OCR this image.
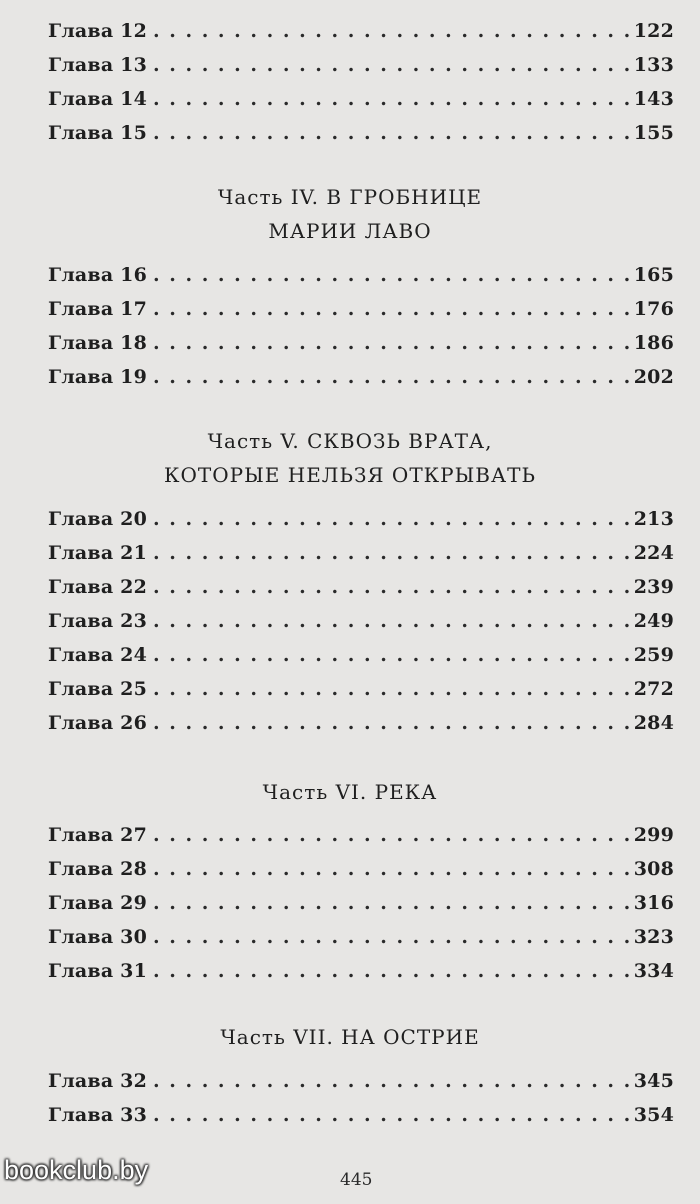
Глава 12 . . .	122
Глава 13 . . .	133
Глава 14 . . .	143
Глава 15 . . .	155
Часть IV. В ГРОБНИЦЕ
МАРИИ ЛАВО
Глава 16 . . .	165
Глава 17 . . .	176
Глава 18 . . .	186
Глава 19 . . .	202
Часть V. СКВОЗЬ ВРАТА,
КОТОРЫЕ НЕЛЬЗЯ ОТКРЫВАТЬ
Глава 20 . . .	213
Глава 21 . . .	224
Глава 22 . . .	239
Глава 23 . . .	249
Глава 24 . . .	259
Глава 25 . . .	272
Глава 26 . . .	284
Часть VI. РЕКА
Глава 27 . . .	299
Глава 28 . . .	308
Глава 29 . . .	316
Глава 30 . . .	323
Глава 31 . . .	334
Часть VII. НА ОСТРИЕ
Глава 32 . . .	345
Глава 33 . . .	354
bookclub.by	445
